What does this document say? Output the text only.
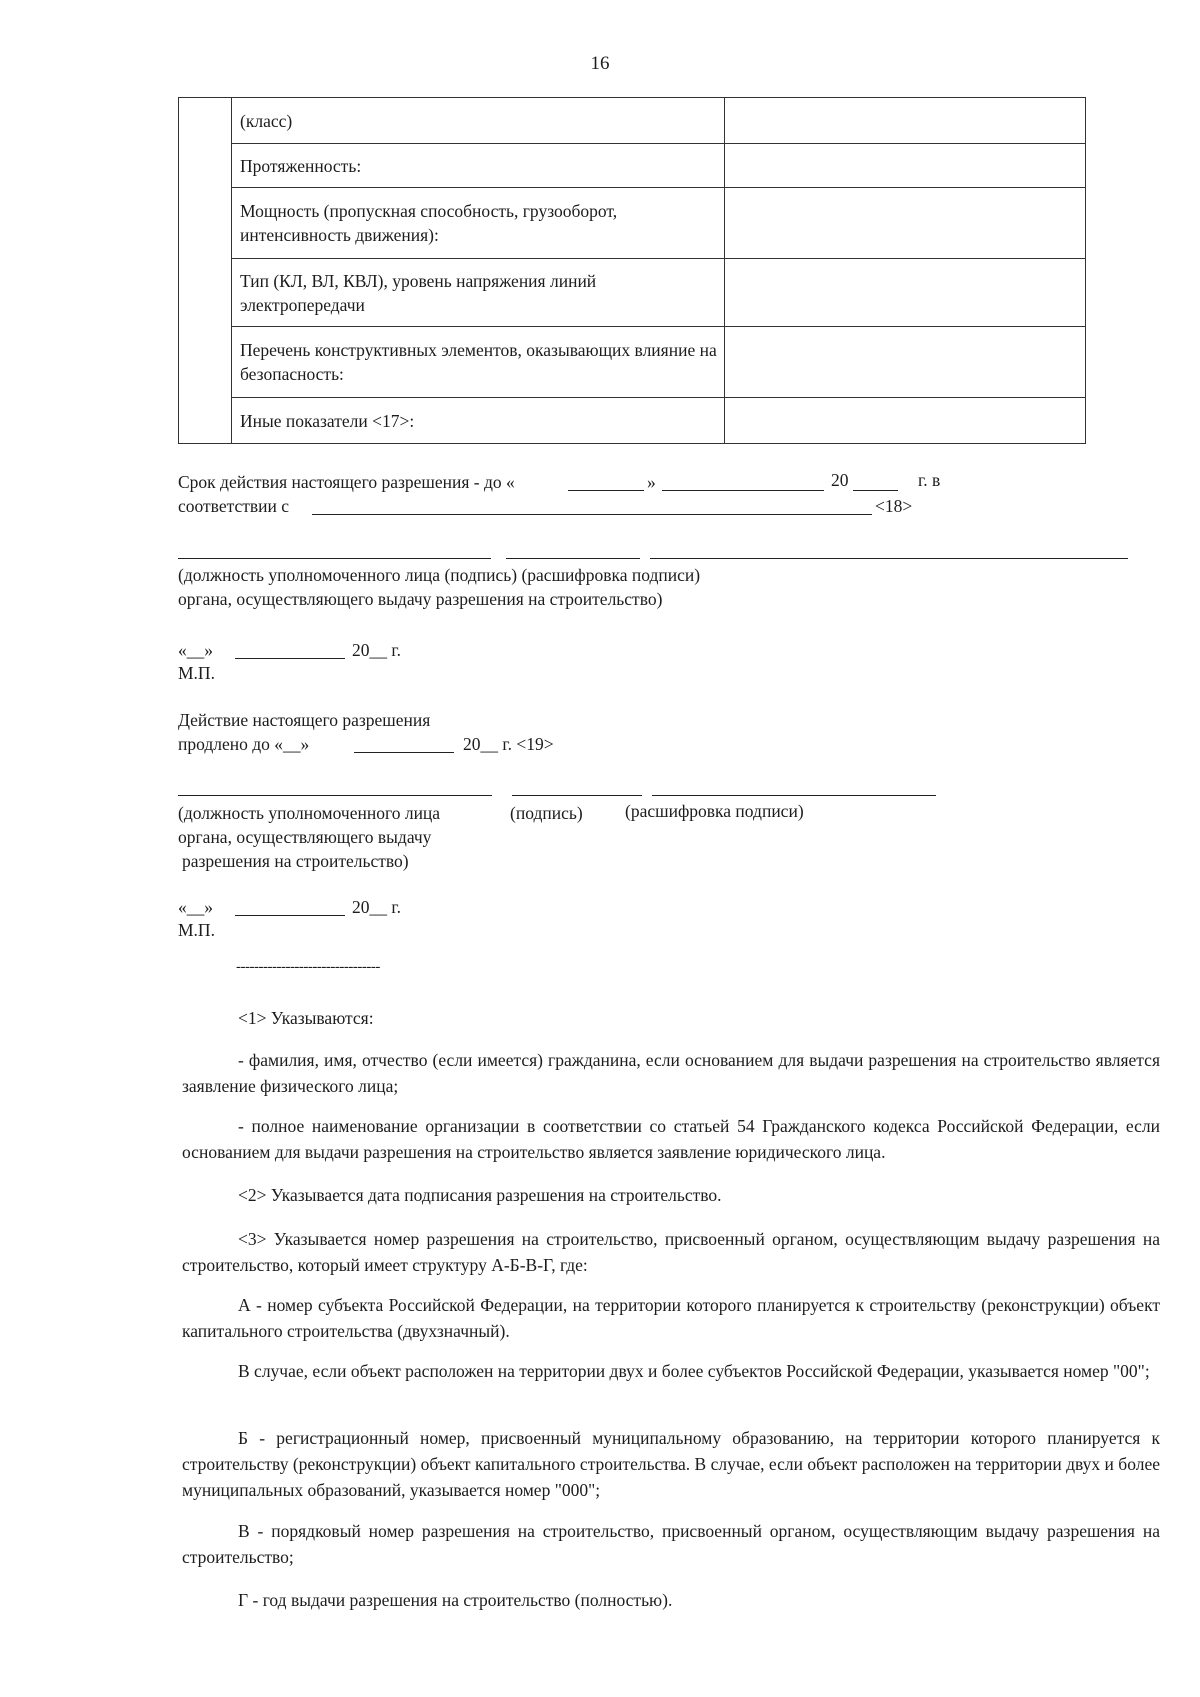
16
	(класс)	
	Протяженность:	
	Мощность (пропускная способность, грузооборот, интенсивность движения):	
	Тип (КЛ, ВЛ, КВЛ), уровень напряжения линий электропередачи	
	Перечень конструктивных элементов, оказывающих влияние на безопасность:	
	Иные показатели <17>:	
Срок действия настоящего разрешения - до «	»	20	г. в
соответствии с	<18>
(должность уполномоченного лица (подпись) (расшифровка подписи)
органа, осуществляющего выдачу разрешения на строительство)
«__»	20__ г.
М.П.
Действие настоящего разрешения
продлено до «__»	20__ г. <19>
(должность уполномоченного лица
органа, осуществляющего выдачу
разрешения на строительство)
(подпись) (расшифровка подписи)
«__»	20__ г.
М.П.
--------------------------------
<1> Указываются:
- фамилия, имя, отчество (если имеется) гражданина, если основанием для выдачи разрешения на строительство является заявление физического лица;
- полное наименование организации в соответствии со статьей 54 Гражданского кодекса Российской Федерации, если основанием для выдачи разрешения на строительство является заявление юридического лица.
<2> Указывается дата подписания разрешения на строительство.
<3> Указывается номер разрешения на строительство, присвоенный органом, осуществляющим выдачу разрешения на строительство, который имеет структуру А-Б-В-Г, где:
А - номер субъекта Российской Федерации, на территории которого планируется к строительству (реконструкции) объект капитального строительства (двухзначный).
В случае, если объект расположен на территории двух и более субъектов Российской Федерации, указывается номер "00";
Б - регистрационный номер, присвоенный муниципальному образованию, на территории которого планируется к строительству (реконструкции) объект капитального строительства. В случае, если объект расположен на территории двух и более муниципальных образований, указывается номер "000";
В - порядковый номер разрешения на строительство, присвоенный органом, осуществляющим выдачу разрешения на строительство;
Г - год выдачи разрешения на строительство (полностью).
